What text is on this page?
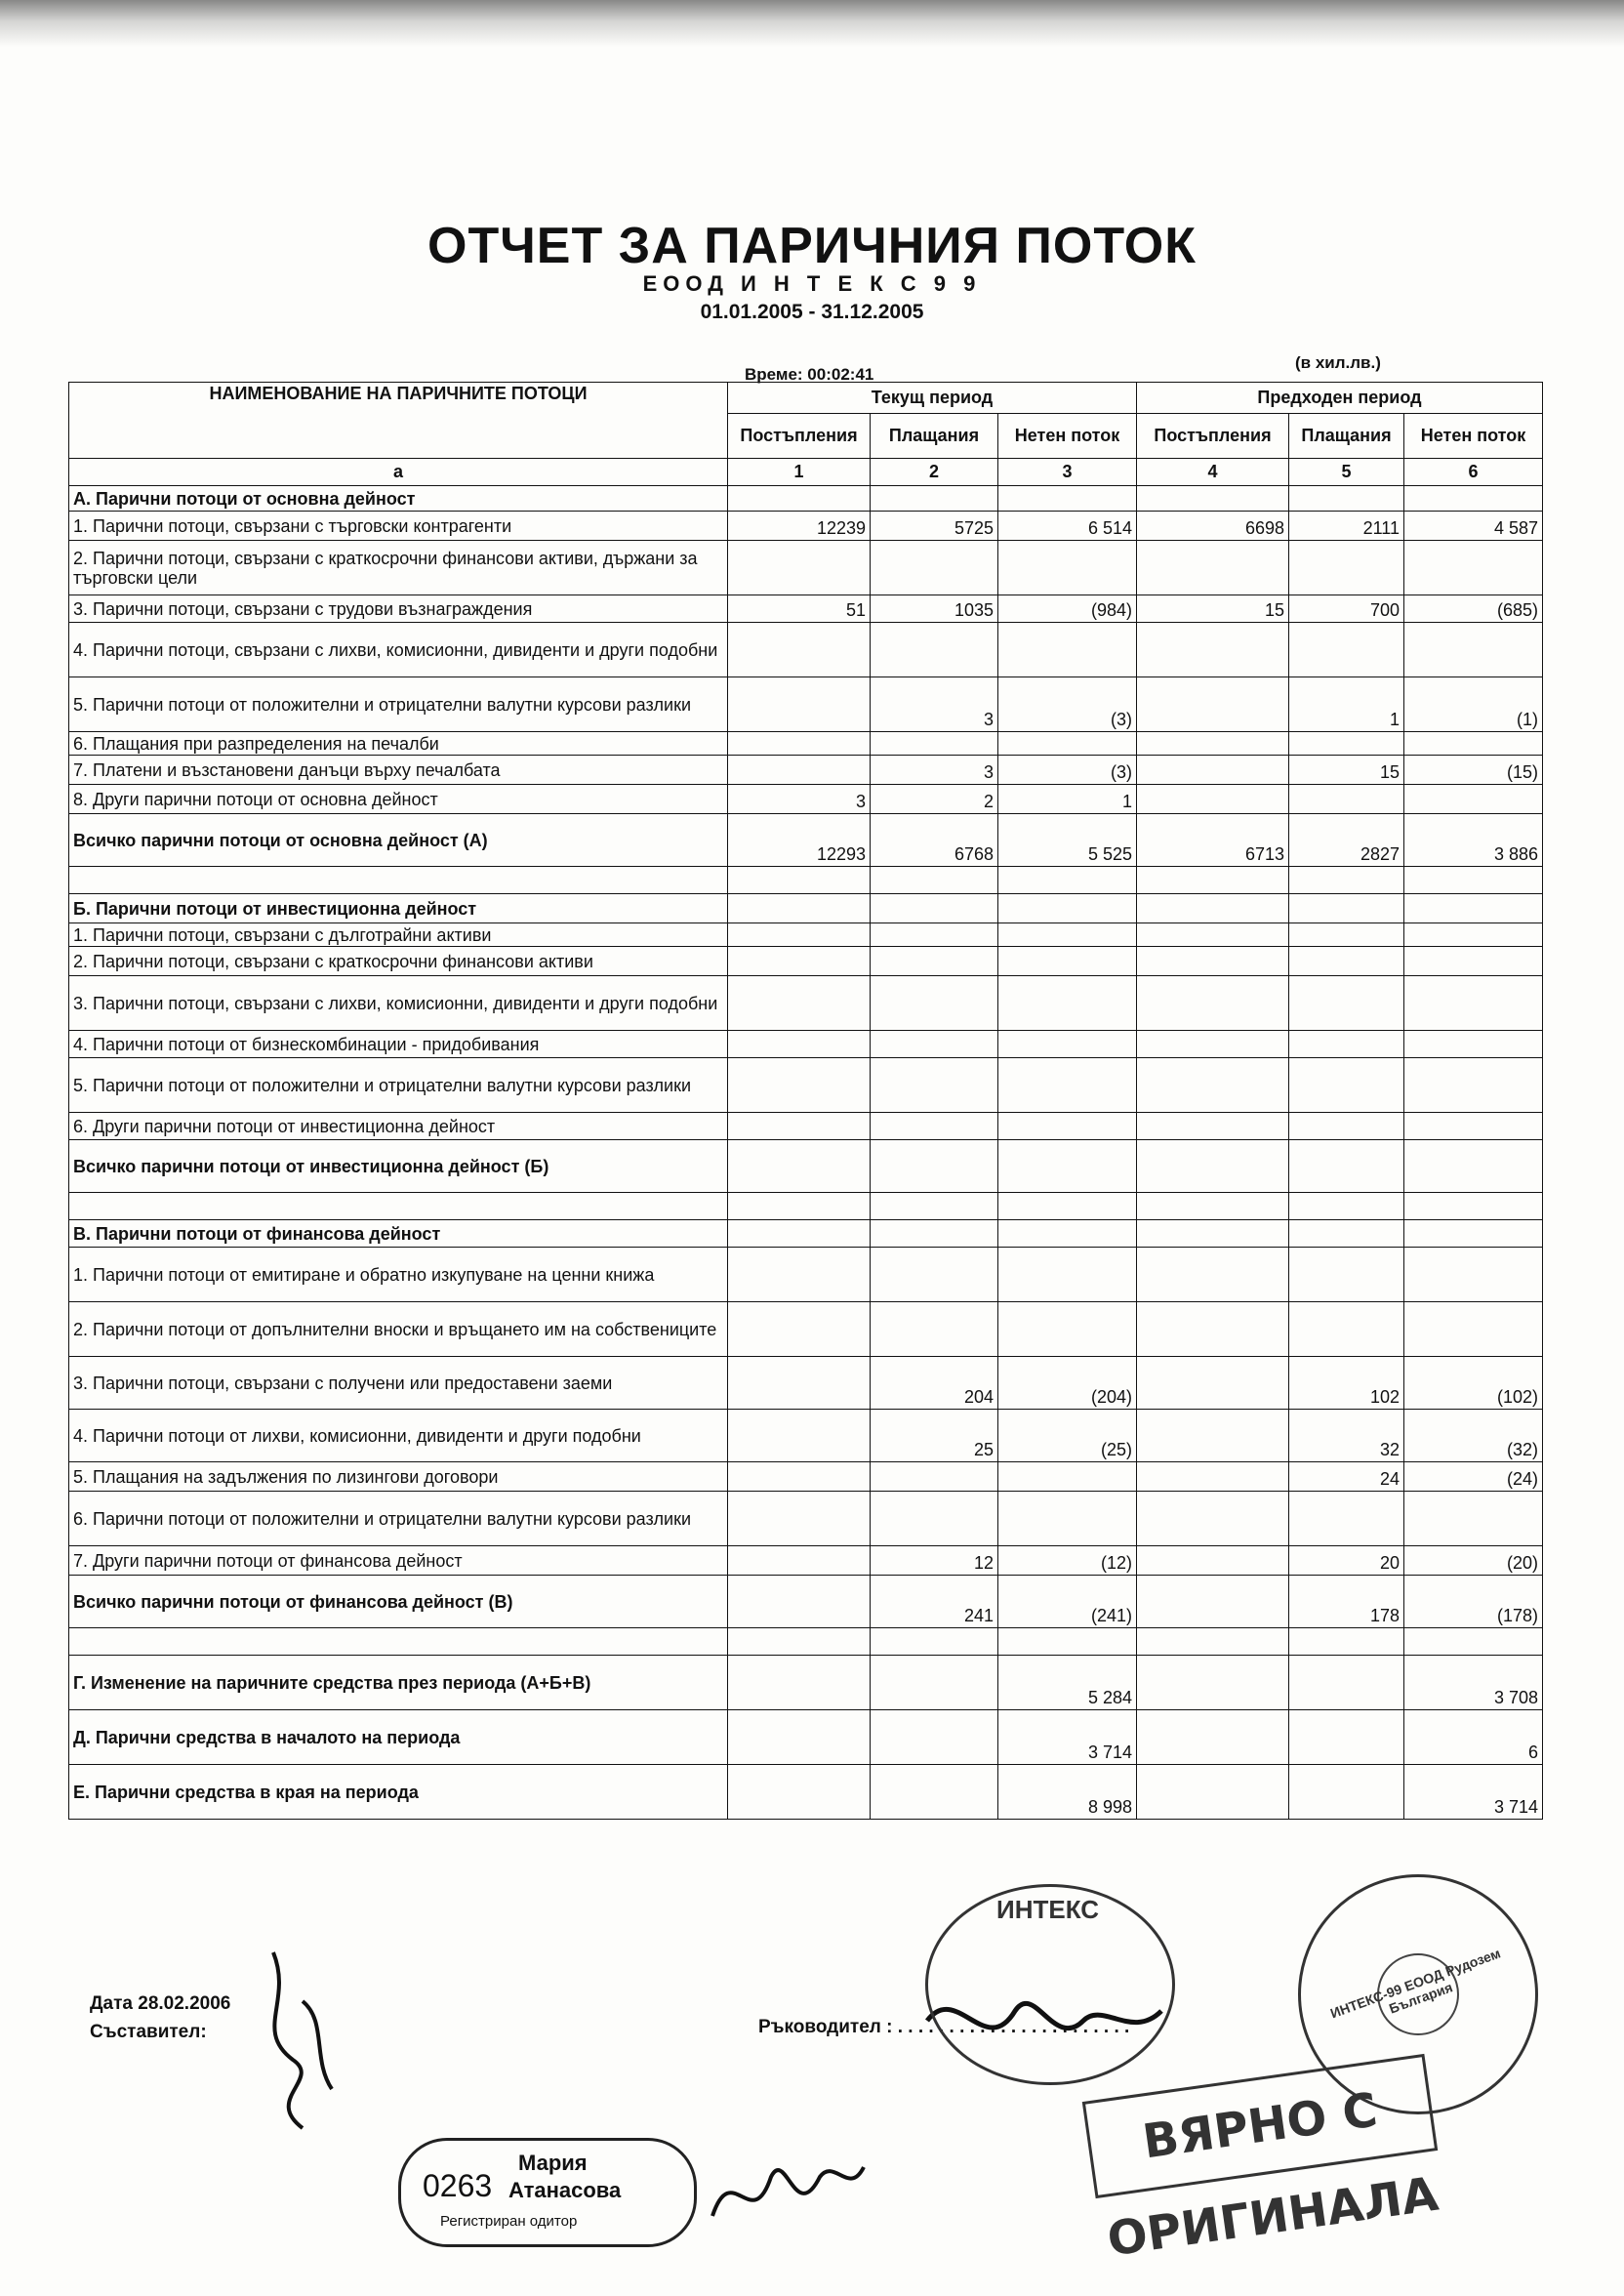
ОТЧЕТ ЗА ПАРИЧНИЯ ПОТОК
ЕООД И Н Т Е К С 9 9
01.01.2005 - 31.12.2005
Време: 00:02:41
(в хил.лв.)
НАИМЕНОВАНИЕ НА ПАРИЧНИТЕ ПОТОЦИ	Текущ период			Предходен период		
	Постъпления	Плащания	Нетен поток	Постъпления	Плащания	Нетен поток
а	1	2	3	4	5	6
А. Парични потоци от основна дейност						
1. Парични потоци, свързани с търговски контрагенти	12239	5725	6 514	6698	2111	4 587
2. Парични потоци, свързани с краткосрочни финансови активи, държани за търговски цели						
3. Парични потоци, свързани с трудови възнаграждения	51	1035	(984)	15	700	(685)
4. Парични потоци, свързани с лихви, комисионни, дивиденти и други подобни						
5. Парични потоци от положителни и отрицателни валутни курсови разлики		3	(3)		1	(1)
6. Плащания при разпределения на печалби						
7. Платени и възстановени данъци върху печалбата		3	(3)		15	(15)
8. Други парични потоци от основна дейност	3	2	1			
Всичко парични потоци от основна дейност (А)	12293	6768	5 525	6713	2827	3 886

Б. Парични потоци от инвестиционна дейност						
1. Парични потоци, свързани с дълготрайни активи						
2. Парични потоци, свързани с краткосрочни финансови активи						
3. Парични потоци, свързани с лихви, комисионни, дивиденти и други подобни						
4. Парични потоци от бизнескомбинации - придобивания						
5. Парични потоци от положителни и отрицателни валутни курсови разлики						
6. Други парични потоци от инвестиционна дейност						
Всичко парични потоци от инвестиционна дейност (Б)						

В. Парични потоци от финансова дейност						
1. Парични потоци от емитиране и обратно изкупуване на ценни книжа						
2. Парични потоци от допълнителни вноски и връщането им на собствениците						
3. Парични потоци, свързани с получени или предоставени заеми		204	(204)		102	(102)
4. Парични потоци от лихви, комисионни, дивиденти и други подобни		25	(25)		32	(32)
5. Плащания на задължения по лизингови договори					24	(24)
6. Парични потоци от положителни и отрицателни валутни курсови разлики						
7. Други парични потоци от финансова дейност		12	(12)		20	(20)
Всичко парични потоци от финансова дейност (В)		241	(241)		178	(178)

Г. Изменение на паричните средства през периода (А+Б+В)			5 284			3 708
Д. Парични средства в началото на периода			3 714			6
Е. Парични средства в края на периода			8 998			3 714
Дата 28.02.2006
Съставител:	Ръководител : . . . . . . . . . . . . . . . . . . . . . . .
ИНТЕКС
ИНТЕКС-99 ЕООД Рудозем България
ВЯРНО С ОРИГИНАЛА
0263
Мария
Атанасова
Регистриран одитор
